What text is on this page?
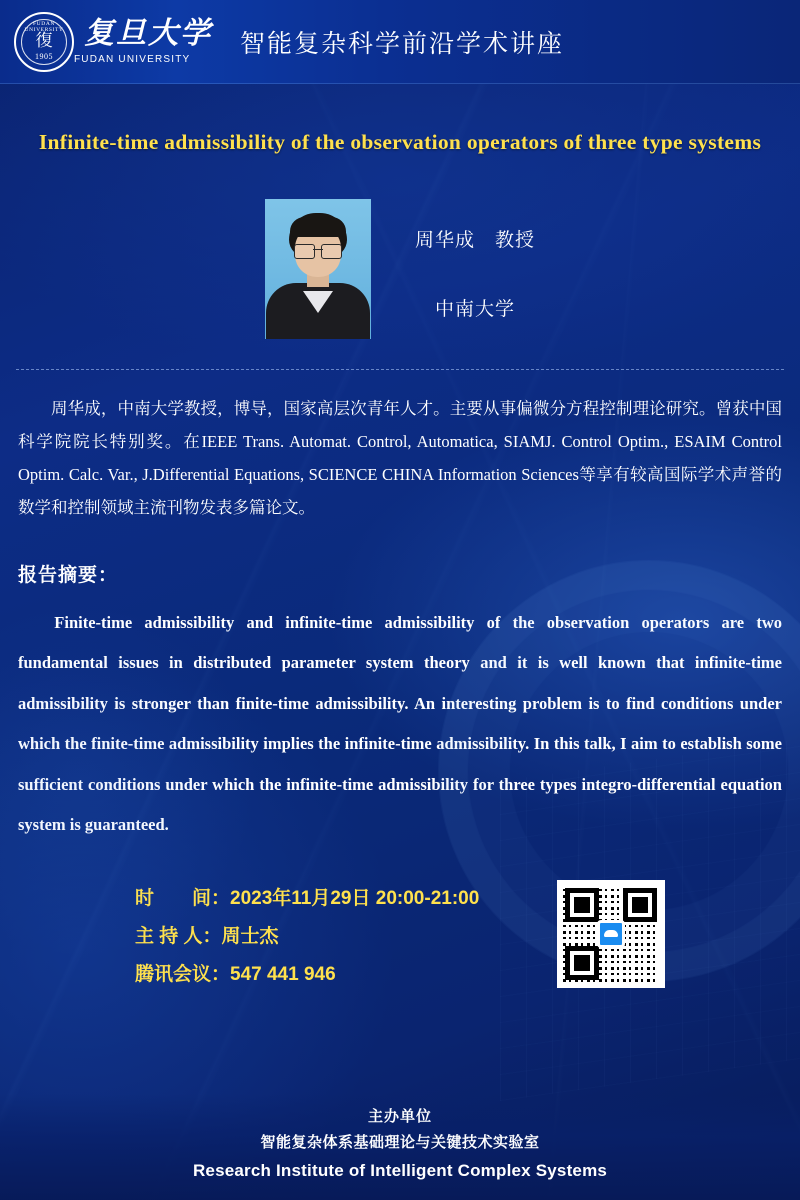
FUDAN UNIVERSITY
復
1905
复旦大学
FUDAN UNIVERSITY
智能复杂科学前沿学术讲座
Infinite-time admissibility of the observation operators of three type systems
周华成　教授
中南大学
周华成，中南大学教授，博导，国家高层次青年人才。主要从事偏微分方程控制理论研究。曾获中国科学院院长特别奖。在IEEE Trans. Automat. Control, Automatica, SIAMJ. Control Optim., ESAIM Control Optim. Calc. Var., J.Differential Equations, SCIENCE CHINA Information Sciences等享有较高国际学术声誉的数学和控制领域主流刊物发表多篇论文。
报告摘要：
Finite-time admissibility and infinite-time admissibility of the observation operators are two fundamental issues in distributed parameter system theory and it is well known that infinite-time admissibility is stronger than finite-time admissibility. An interesting problem is to find conditions under which the finite-time admissibility implies the infinite-time admissibility. In this talk, I aim to establish some sufficient conditions under which the infinite-time admissibility for three types integro-differential equation system is guaranteed.
时　　间：2023年11月29日 20:00-21:00
主 持 人：周士杰
腾讯会议：547 441 946
主办单位
智能复杂体系基础理论与关键技术实验室
Research Institute of Intelligent Complex Systems
